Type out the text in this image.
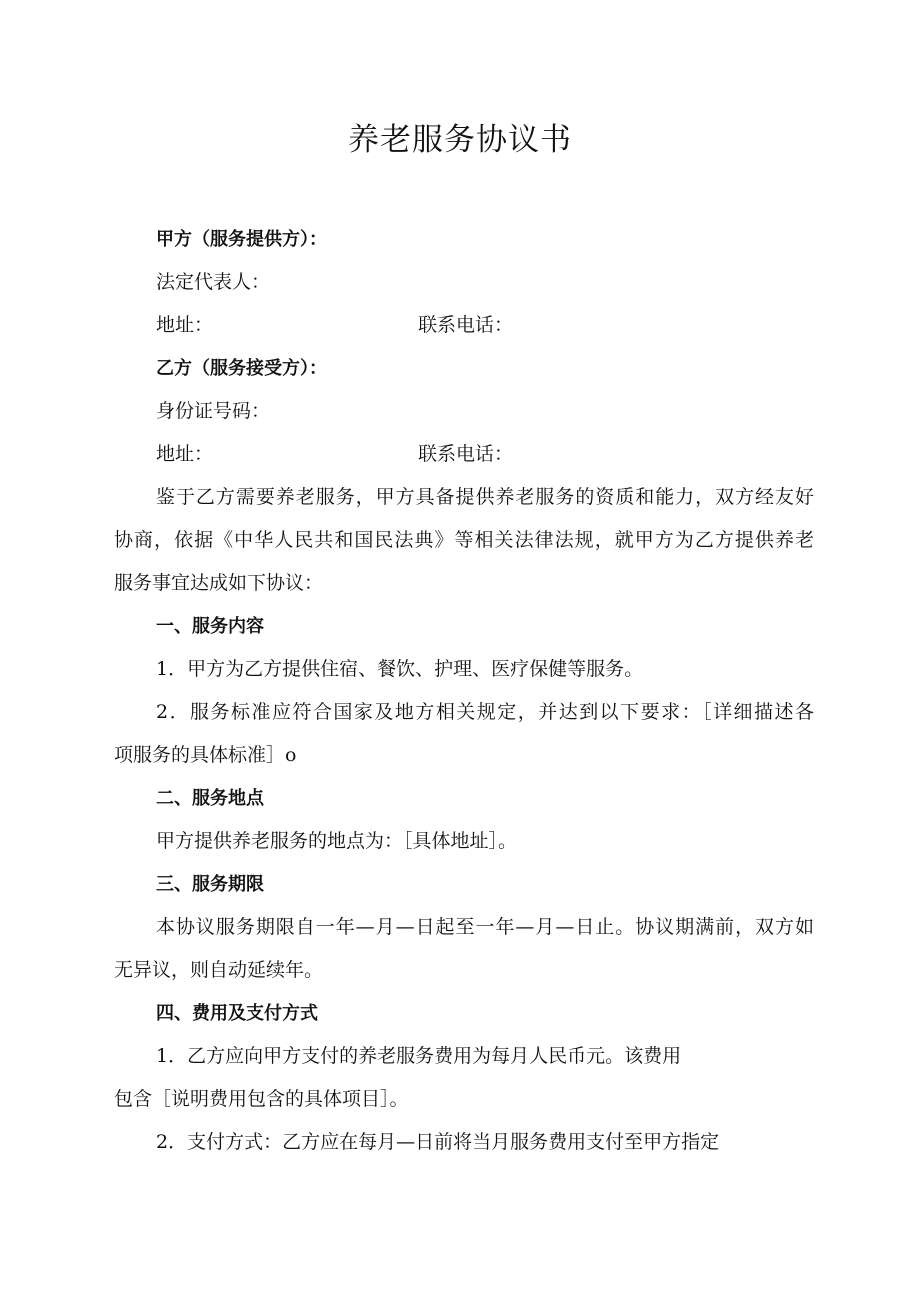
养老服务协议书
甲方（服务提供方）：
法定代表人：
地址：	联系电话：
乙方（服务接受方）：
身份证号码：
地址：	联系电话：
鉴于乙方需要养老服务，甲方具备提供养老服务的资质和能力，双方经友好
协商，依据《中华人民共和国民法典》等相关法律法规，就甲方为乙方提供养老
服务事宜达成如下协议：
一、服务内容
1．甲方为乙方提供住宿、餐饮、护理、医疗保健等服务。
2．服务标准应符合国家及地方相关规定，并达到以下要求：［详细描述各
项服务的具体标准］o
二、服务地点
甲方提供养老服务的地点为：［具体地址］。
三、服务期限
本协议服务期限自一年—月—日起至一年—月—日止。协议期满前，双方如
无异议，则自动延续年。
四、费用及支付方式
1．乙方应向甲方支付的养老服务费用为每月人民币元。该费用
包含［说明费用包含的具体项目］。
2．支付方式：乙方应在每月—日前将当月服务费用支付至甲方指定
